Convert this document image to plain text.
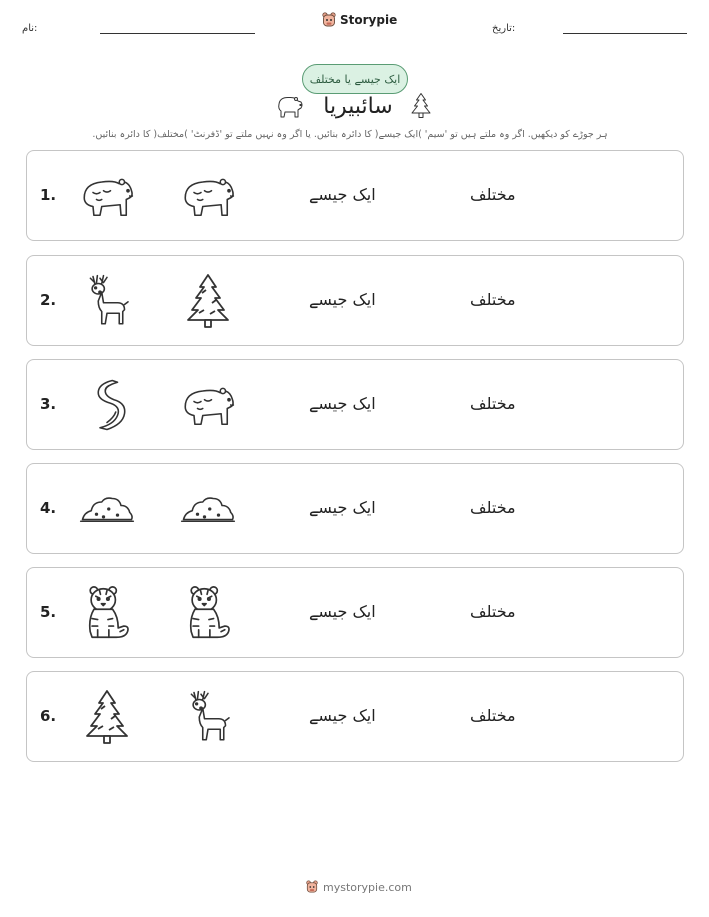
نام:
Storypie
تاریخ:
ایک جیسے یا مختلف
سائبیریا
ہر جوڑے کو دیکھیں. اگر وہ ملتے ہیں تو 'سیم' )ایک جیسے( کا دائرہ بنائیں. یا اگر وہ نہیں ملتے تو 'ڈفرنٹ' )مختلف( کا دائرہ بنائیں.
1.	ایک جیسے	مختلف
2.	ایک جیسے	مختلف
3.	ایک جیسے	مختلف
4.	ایک جیسے	مختلف
5.	ایک جیسے	مختلف
6.	ایک جیسے	مختلف
mystorypie.com
